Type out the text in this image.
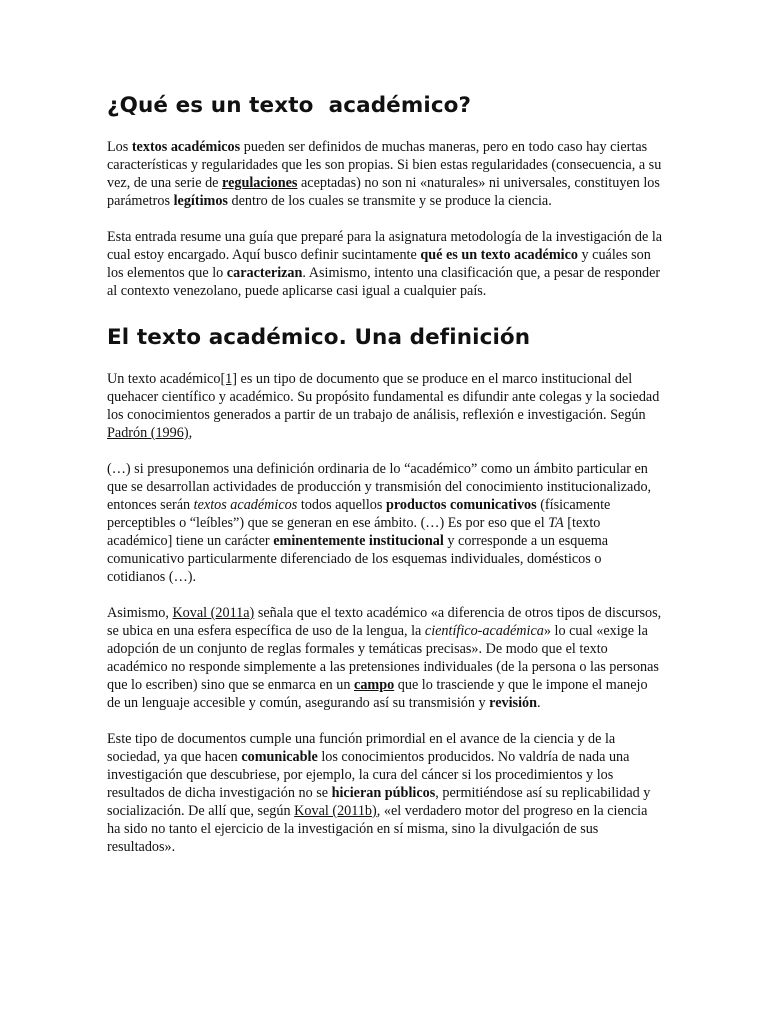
¿Qué es un texto  académico?

Los textos académicos pueden ser definidos de muchas maneras, pero en todo caso hay ciertas características y regularidades que les son propias. Si bien estas regularidades (consecuencia, a su vez, de una serie de regulaciones aceptadas) no son ni «naturales» ni universales, constituyen los parámetros legítimos dentro de los cuales se transmite y se produce la ciencia.

Esta entrada resume una guía que preparé para la asignatura metodología de la investigación de la cual estoy encargado. Aquí busco definir sucintamente qué es un texto académico y cuáles son los elementos que lo caracterizan. Asimismo, intento una clasificación que, a pesar de responder al contexto venezolano, puede aplicarse casi igual a cualquier país.

El texto académico. Una definición

Un texto académico[1] es un tipo de documento que se produce en el marco institucional del quehacer científico y académico. Su propósito fundamental es difundir ante colegas y la sociedad los conocimientos generados a partir de un trabajo de análisis, reflexión e investigación. Según Padrón (1996),

(…) si presuponemos una definición ordinaria de lo “académico” como un ámbito particular en que se desarrollan actividades de producción y transmisión del conocimiento institucionalizado, entonces serán textos académicos todos aquellos productos comunicativos (físicamente perceptibles o “leíbles”) que se generan en ese ámbito. (…) Es por eso que el TA [texto académico] tiene un carácter eminentemente institucional y corresponde a un esquema comunicativo particularmente diferenciado de los esquemas individuales, domésticos o cotidianos (…).

Asimismo, Koval (2011a) señala que el texto académico «a diferencia de otros tipos de discursos, se ubica en una esfera específica de uso de la lengua, la científico-académica» lo cual «exige la adopción de un conjunto de reglas formales y temáticas precisas». De modo que el texto académico no responde simplemente a las pretensiones individuales (de la persona o las personas que lo escriben) sino que se enmarca en un campo que lo trasciende y que le impone el manejo de un lenguaje accesible y común, asegurando así su transmisión y revisión.

Este tipo de documentos cumple una función primordial en el avance de la ciencia y de la sociedad, ya que hacen comunicable los conocimientos producidos. No valdría de nada una investigación que descubriese, por ejemplo, la cura del cáncer si los procedimientos y los resultados de dicha investigación no se hicieran públicos, permitiéndose así su replicabilidad y socialización. De allí que, según Koval (2011b), «el verdadero motor del progreso en la ciencia ha sido no tanto el ejercicio de la investigación en sí misma, sino la divulgación de sus resultados».
